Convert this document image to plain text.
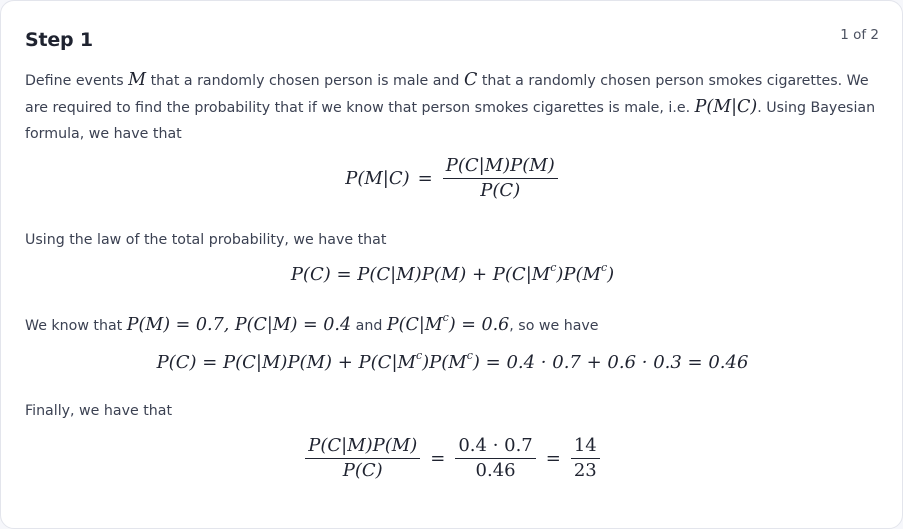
Step 1	1 of 2
Define events M that a randomly chosen person is male and C that a randomly chosen person smokes cigarettes. We are required to find the probability that if we know that person smokes cigarettes is male, i.e. P(M|C). Using Bayesian formula, we have that
$P(M|C) = \frac{P(C|M)P(M)}{P(C)}$
Using the law of the total probability, we have that
$P(C) = P(C|M)P(M) + P(C|M^c)P(M^c)$
We know that P(M) = 0.7, P(C|M) = 0.4 and $P(C|M^c) = 0.6$, so we have
$P(C) = P(C|M)P(M) + P(C|M^c)P(M^c) = 0.4 \cdot 0.7 + 0.6 \cdot 0.3 = 0.46$
Finally, we have that
$\frac{P(C|M)P(M)}{P(C)} = \frac{0.4 \cdot 0.7}{0.46} = \frac{14}{23}$
